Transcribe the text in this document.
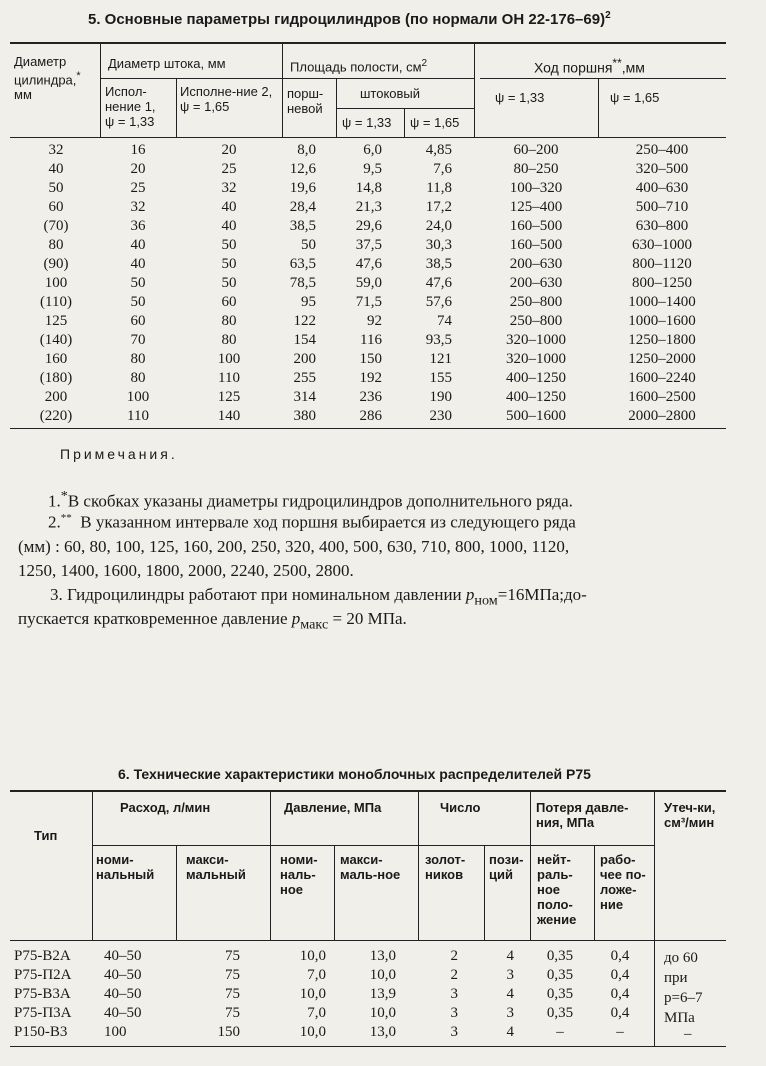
5. Основные параметры гидроцилиндров (по нормали ОН 22-176–69)$^2$
Диаметр цилиндра,*
мм
Диаметр штока, мм
Испол-нение 1,
ψ = 1,33
Исполне-ние 2,
ψ = 1,65
Площадь полости, $см^2$
порш-невой
штоковый
ψ = 1,33 ψ = 1,65
Ход поршня**,мм
ψ = 1,33	ψ = 1,65
32	16	20	8,0	6,0	4,85	60–200	250–400
40	20	25	12,6	9,5	7,6	80–250	320–500
50	25	32	19,6	14,8	11,8	100–320	400–630
60	32	40	28,4	21,3	17,2	125–400	500–710
(70)	36	40	38,5	29,6	24,0	160–500	630–800
80	40	50	50	37,5	30,3	160–500	630–1000
(90)	40	50	63,5	47,6	38,5	200–630	800–1120
100	50	50	78,5	59,0	47,6	200–630	800–1250
(110)	50	60	95	71,5	57,6	250–800	1000–1400
125	60	80	122	92	74	250–800	1000–1600
(140)	70	80	154	116	93,5	320–1000	1250–1800
160	80	100	200	150	121	320–1000	1250–2000
(180)	80	110	255	192	155	400–1250	1600–2240
200	100	125	314	236	190	400–1250	1600–2500
(220)	110	140	380	286	230	500–1600	2000–2800
Примечания.
1.*В скобках указаны диаметры гидроцилиндров дополнительного ряда.
2.** В указанном интервале ход поршня выбирается из следующего ряда
(мм) : 60, 80, 100, 125, 160, 200, 250, 320, 400, 500, 630, 710, 800, 1000, 1120,
1250, 1400, 1600, 1800, 2000, 2240, 2500, 2800.
3. Гидроцилиндры работают при номинальном давлении $p_{ном}=16МПа;до-$
пускается кратковременное давление $p_{макс} = 20$ МПа.
6. Технические характеристики моноблочных распределителей Р75
Тип
Расход, л/мин
номи-нальный
макси-мальный
Давление, МПа
номи-наль-ное
макси-маль-ное
Число
золот-ников
пози-ций
Потеря давле-ния, МПа
нейт-раль-ное поло-жение
рабо-чее по-ложе-ние
Утеч-ки,
см³/мин
Р75-В2А	40–50	75	10,0	13,0	2	4	0,35	0,4
Р75-П2А	40–50	75	7,0	10,0	2	3	0,35	0,4
Р75-В3А	40–50	75	10,0	13,9	3	4	0,35	0,4
Р75-П3А	40–50	75	7,0	10,0	3	3	0,35	0,4
Р150-В3	100	150	10,0	13,0	3	4	–	–
до 60
при
p=6–7
МПа
–
